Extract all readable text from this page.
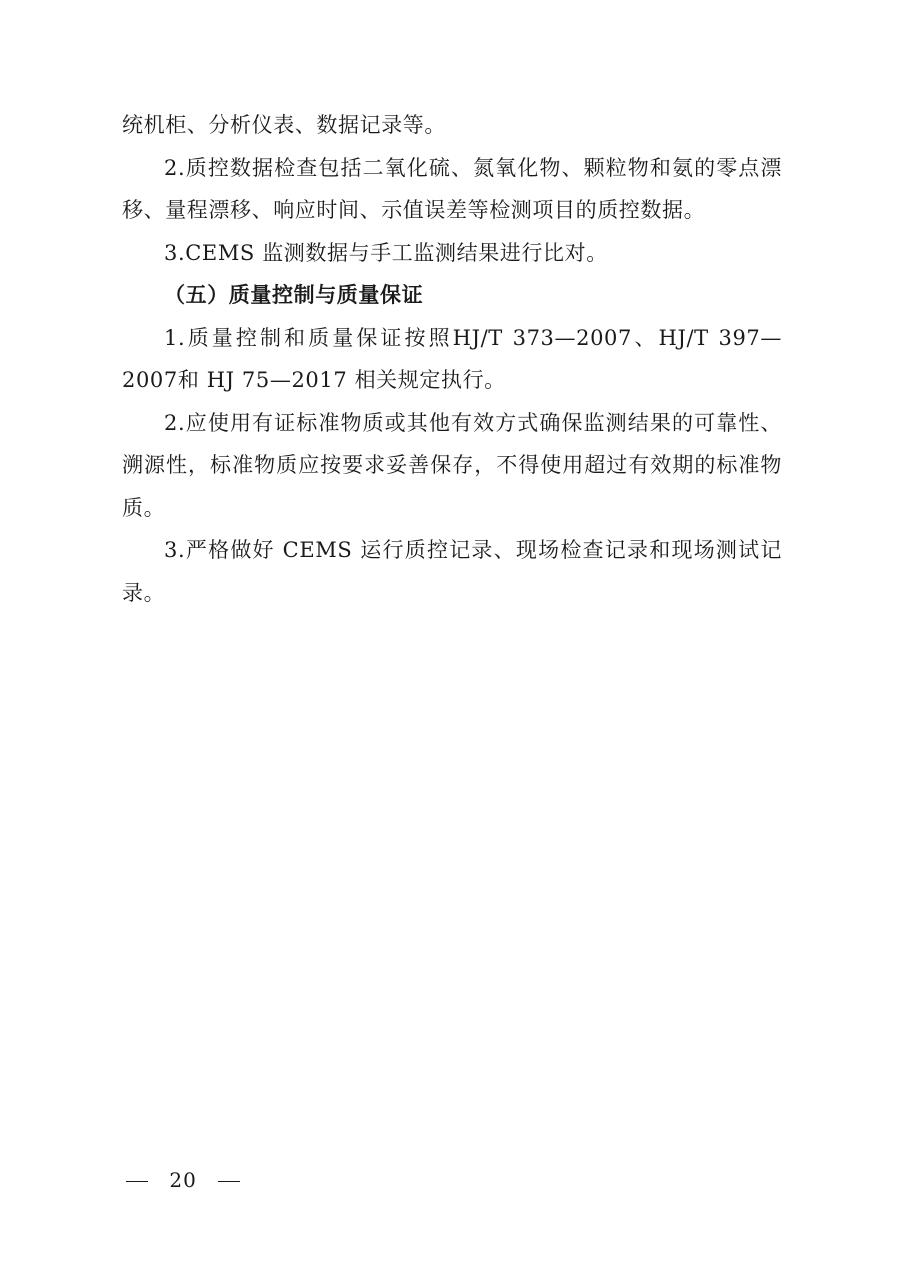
统机柜、分析仪表、数据记录等。

2.质控数据检查包括二氧化硫、氮氧化物、颗粒物和氨的零点漂移、量程漂移、响应时间、示值误差等检测项目的质控数据。

3.CEMS 监测数据与手工监测结果进行比对。

（五）质量控制与质量保证

1.质量控制和质量保证按照HJ/T 373—2007、HJ/T 397—2007和 HJ 75—2017 相关规定执行。

2.应使用有证标准物质或其他有效方式确保监测结果的可靠性、溯源性，标准物质应按要求妥善保存，不得使用超过有效期的标准物质。

3.严格做好 CEMS 运行质控记录、现场检查记录和现场测试记录。

20
